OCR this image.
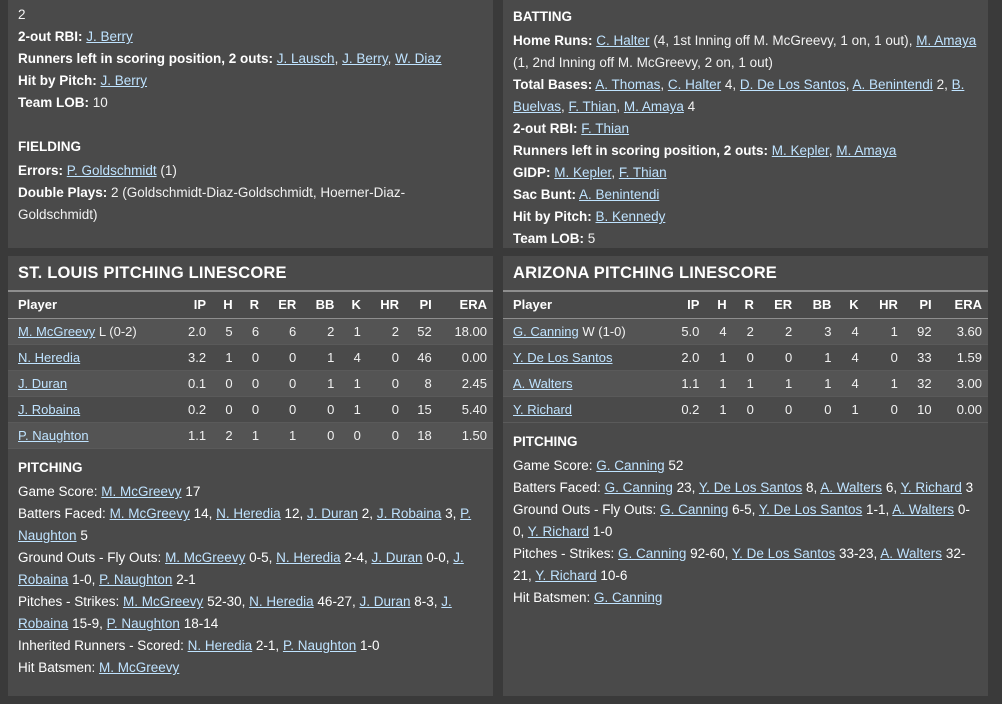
2
2-out RBI: J. Berry
Runners left in scoring position, 2 outs: J. Lausch, J. Berry, W. Diaz
Hit by Pitch: J. Berry
Team LOB: 10
FIELDING
Errors: P. Goldschmidt (1)
Double Plays: 2 (Goldschmidt-Diaz-Goldschmidt, Hoerner-Diaz-Goldschmidt)
BATTING
Home Runs: C. Halter (4, 1st Inning off M. McGreevy, 1 on, 1 out), M. Amaya (1, 2nd Inning off M. McGreevy, 2 on, 1 out)
Total Bases: A. Thomas, C. Halter 4, D. De Los Santos, A. Benintendi 2, B. Buelvas, F. Thian, M. Amaya 4
2-out RBI: F. Thian
Runners left in scoring position, 2 outs: M. Kepler, M. Amaya
GIDP: M. Kepler, F. Thian
Sac Bunt: A. Benintendi
Hit by Pitch: B. Kennedy
Team LOB: 5
ST. LOUIS PITCHING LINESCORE
Player	IP	H	R	ER	BB	K	HR	PI	ERA
M. McGreevy L (0-2)	2.0	5	6	6	2	1	2	52	18.00
N. Heredia	3.2	1	0	0	1	4	0	46	0.00
J. Duran	0.1	0	0	0	1	1	0	8	2.45
J. Robaina	0.2	0	0	0	0	1	0	15	5.40
P. Naughton	1.1	2	1	1	0	0	0	18	1.50
PITCHING
Game Score: M. McGreevy 17
Batters Faced: M. McGreevy 14, N. Heredia 12, J. Duran 2, J. Robaina 3, P. Naughton 5
Ground Outs - Fly Outs: M. McGreevy 0-5, N. Heredia 2-4, J. Duran 0-0, J. Robaina 1-0, P. Naughton 2-1
Pitches - Strikes: M. McGreevy 52-30, N. Heredia 46-27, J. Duran 8-3, J. Robaina 15-9, P. Naughton 18-14
Inherited Runners - Scored: N. Heredia 2-1, P. Naughton 1-0
Hit Batsmen: M. McGreevy
ARIZONA PITCHING LINESCORE
Player	IP	H	R	ER	BB	K	HR	PI	ERA
G. Canning W (1-0)	5.0	4	2	2	3	4	1	92	3.60
Y. De Los Santos	2.0	1	0	0	1	4	0	33	1.59
A. Walters	1.1	1	1	1	1	4	1	32	3.00
Y. Richard	0.2	1	0	0	0	1	0	10	0.00
PITCHING
Game Score: G. Canning 52
Batters Faced: G. Canning 23, Y. De Los Santos 8, A. Walters 6, Y. Richard 3
Ground Outs - Fly Outs: G. Canning 6-5, Y. De Los Santos 1-1, A. Walters 0-0, Y. Richard 1-0
Pitches - Strikes: G. Canning 92-60, Y. De Los Santos 33-23, A. Walters 32-21, Y. Richard 10-6
Hit Batsmen: G. Canning
